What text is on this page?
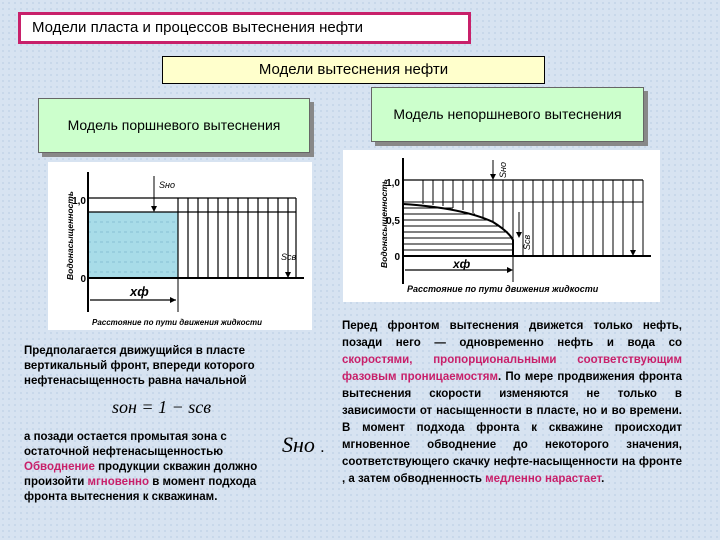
Модели пласта и процессов вытеснения нефти
Модели вытеснения нефти
Модель поршневого вытеснения
Модель непоршневого вытеснения
1,0
0
Sно
Sсв
xф
Расстояние по пути движения жидкости
Водонасыщенность
1,0
0,5
0
Sно
Sсв
xф
Расстояние по пути движения жидкости
Водонасыщенность
Предполагается движущийся в пласте вертикальный фронт, впереди которого нефтенасыщенность равна начальной
sон = 1 − sсв
а позади остается промытая зона с остаточной нефтенасыщенностью Обводнение продукции скважин должно произойти мгновенно в момент подхода фронта вытеснения к скважинам.
Sно .
Перед фронтом вытеснения движется только нефть, позади него — одновременно нефть и вода со скоростями, пропорциональными соответствующим фазовым проницаемостям. По мере продвижения фронта вытеснения скорости изменяются не только в зависимости от насыщенности в пласте, но и во времени. В момент подхода фронта к скважине происходит мгновенное обводнение до некоторого значения, соответствующего скачку нефте-насыщенности на фронте , а затем обводненность медленно нарастает.
